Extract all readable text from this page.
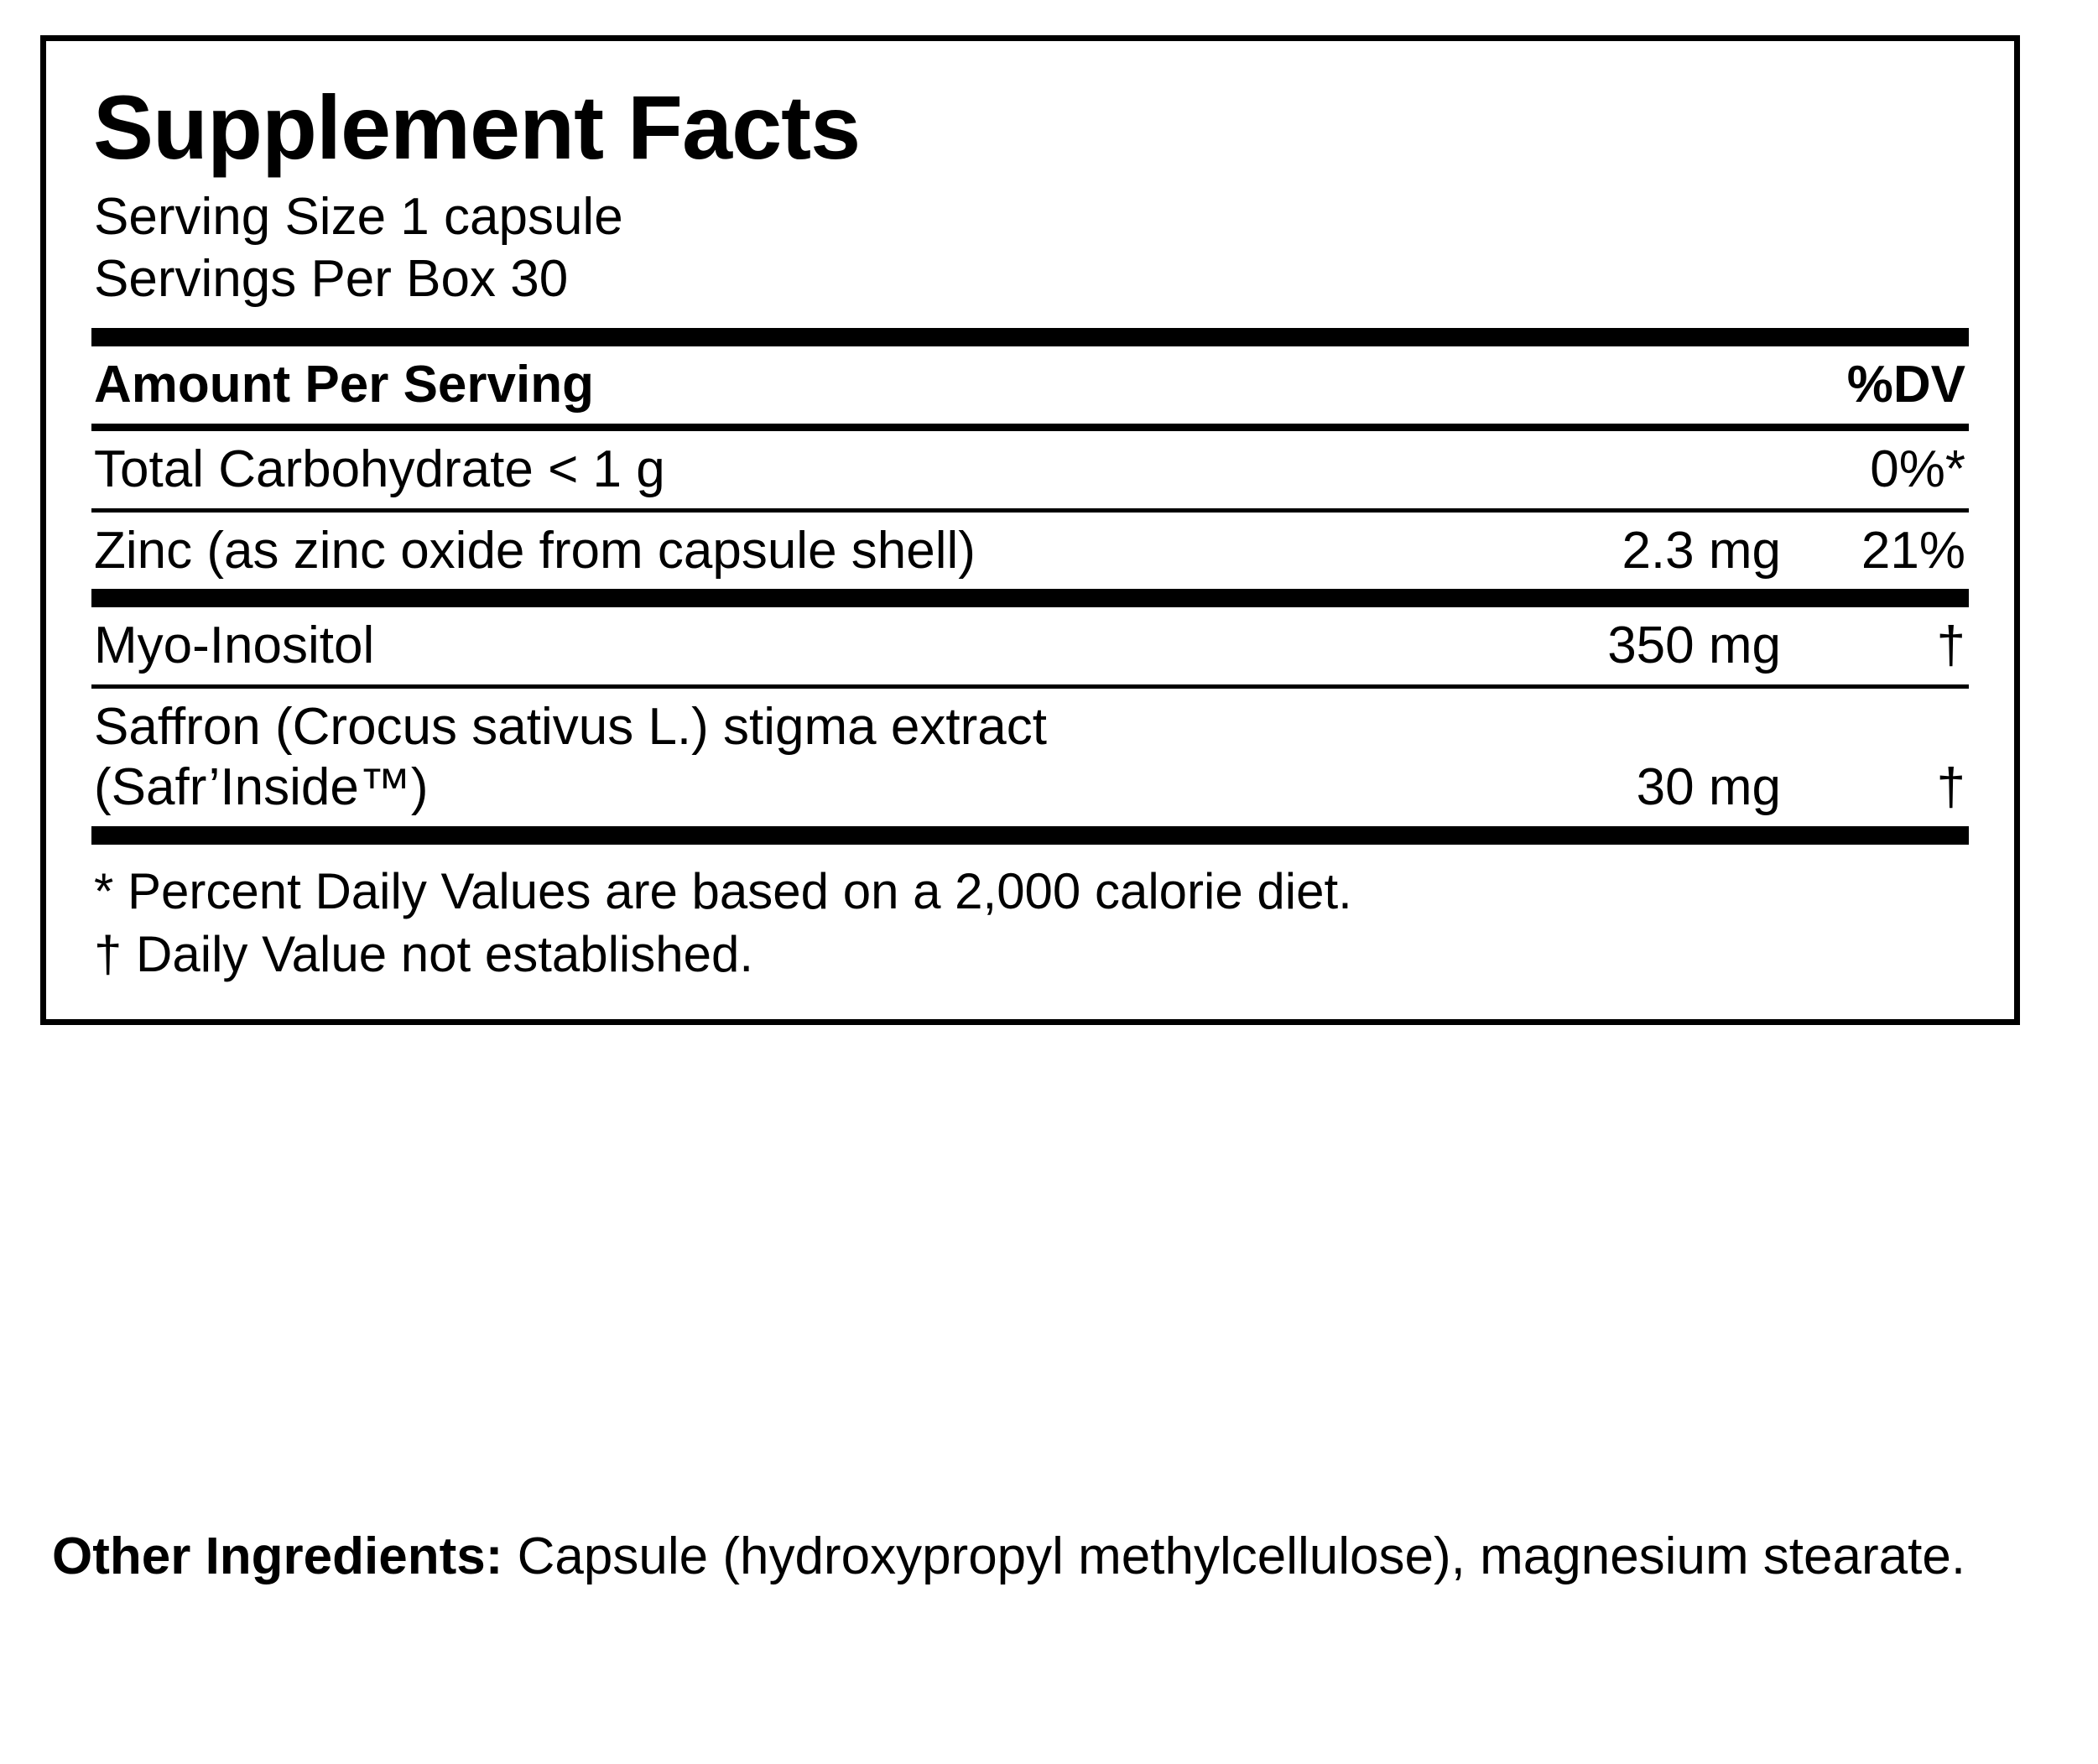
Supplement Facts
Serving Size 1 capsule
Servings Per Box 30
Amount Per Serving	%DV
Total Carbohydrate < 1 g	0%*
Zinc (as zinc oxide from capsule shell)	2.3 mg	21%
Myo-Inositol	350 mg	†
Saffron (Crocus sativus L.) stigma extract
(Safr’Inside™)	30 mg	†
* Percent Daily Values are based on a 2,000 calorie diet.
† Daily Value not established.
Other Ingredients: Capsule (hydroxypropyl methylcellulose), magnesium stearate.
